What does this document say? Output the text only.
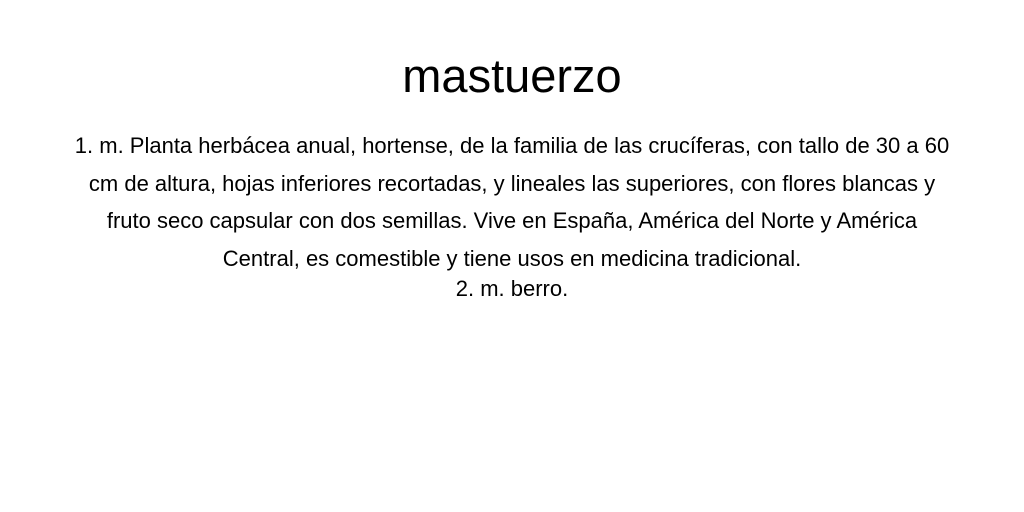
mastuerzo
1. m. Planta herbácea anual, hortense, de la familia de las crucíferas, con tallo de 30 a 60 cm de altura, hojas inferiores recortadas, y lineales las superiores, con flores blancas y fruto seco capsular con dos semillas. Vive en España, América del Norte y América Central, es comestible y tiene usos en medicina tradicional.
2. m. berro.
